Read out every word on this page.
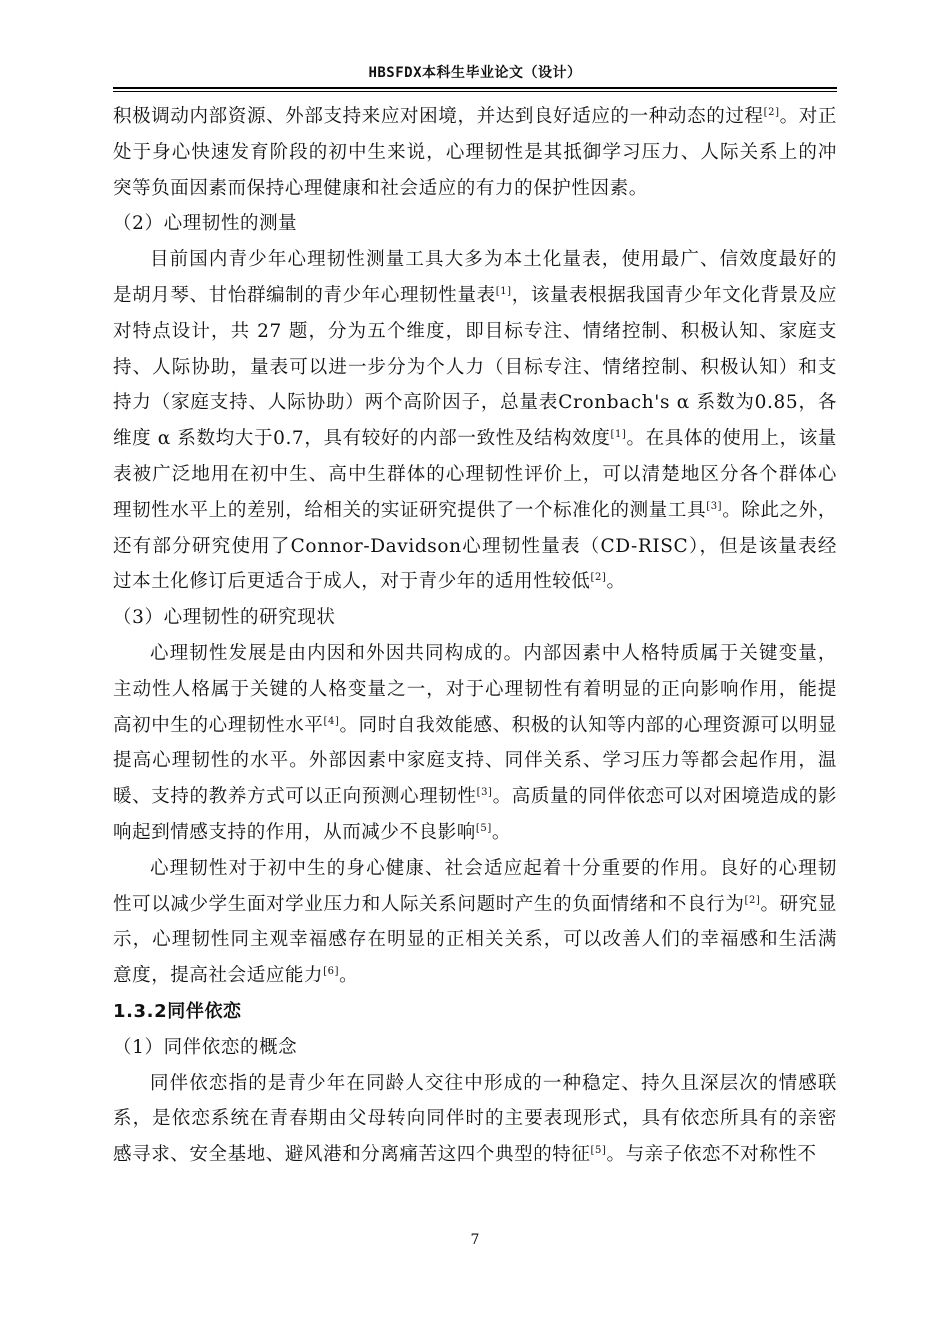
HBSFDX本科生毕业论文（设计）

积极调动内部资源、外部支持来应对困境，并达到良好适应的一种动态的过程[2]。对正处于身心快速发育阶段的初中生来说，心理韧性是其抵御学习压力、人际关系上的冲突等负面因素而保持心理健康和社会适应的有力的保护性因素。

（2）心理韧性的测量

目前国内青少年心理韧性测量工具大多为本土化量表，使用最广、信效度最好的是胡月琴、甘怡群编制的青少年心理韧性量表[1]，该量表根据我国青少年文化背景及应对特点设计，共 27 题，分为五个维度，即目标专注、情绪控制、积极认知、家庭支持、人际协助，量表可以进一步分为个人力（目标专注、情绪控制、积极认知）和支持力（家庭支持、人际协助）两个高阶因子，总量表Cronbach's α 系数为0.85，各维度 α 系数均大于0.7，具有较好的内部一致性及结构效度[1]。在具体的使用上，该量表被广泛地用在初中生、高中生群体的心理韧性评价上，可以清楚地区分各个群体心理韧性水平上的差别，给相关的实证研究提供了一个标准化的测量工具[3]。除此之外，还有部分研究使用了Connor-Davidson心理韧性量表（CD-RISC），但是该量表经过本土化修订后更适合于成人，对于青少年的适用性较低[2]。

（3）心理韧性的研究现状

心理韧性发展是由内因和外因共同构成的。内部因素中人格特质属于关键变量，主动性人格属于关键的人格变量之一，对于心理韧性有着明显的正向影响作用，能提高初中生的心理韧性水平[4]。同时自我效能感、积极的认知等内部的心理资源可以明显提高心理韧性的水平。外部因素中家庭支持、同伴关系、学习压力等都会起作用，温暖、支持的教养方式可以正向预测心理韧性[3]。高质量的同伴依恋可以对困境造成的影响起到情感支持的作用，从而减少不良影响[5]。

心理韧性对于初中生的身心健康、社会适应起着十分重要的作用。良好的心理韧性可以减少学生面对学业压力和人际关系问题时产生的负面情绪和不良行为[2]。研究显示，心理韧性同主观幸福感存在明显的正相关关系，可以改善人们的幸福感和生活满意度，提高社会适应能力[6]。

1.3.2同伴依恋

（1）同伴依恋的概念

同伴依恋指的是青少年在同龄人交往中形成的一种稳定、持久且深层次的情感联系，是依恋系统在青春期由父母转向同伴时的主要表现形式，具有依恋所具有的亲密感寻求、安全基地、避风港和分离痛苦这四个典型的特征[5]。与亲子依恋不对称性不

7
